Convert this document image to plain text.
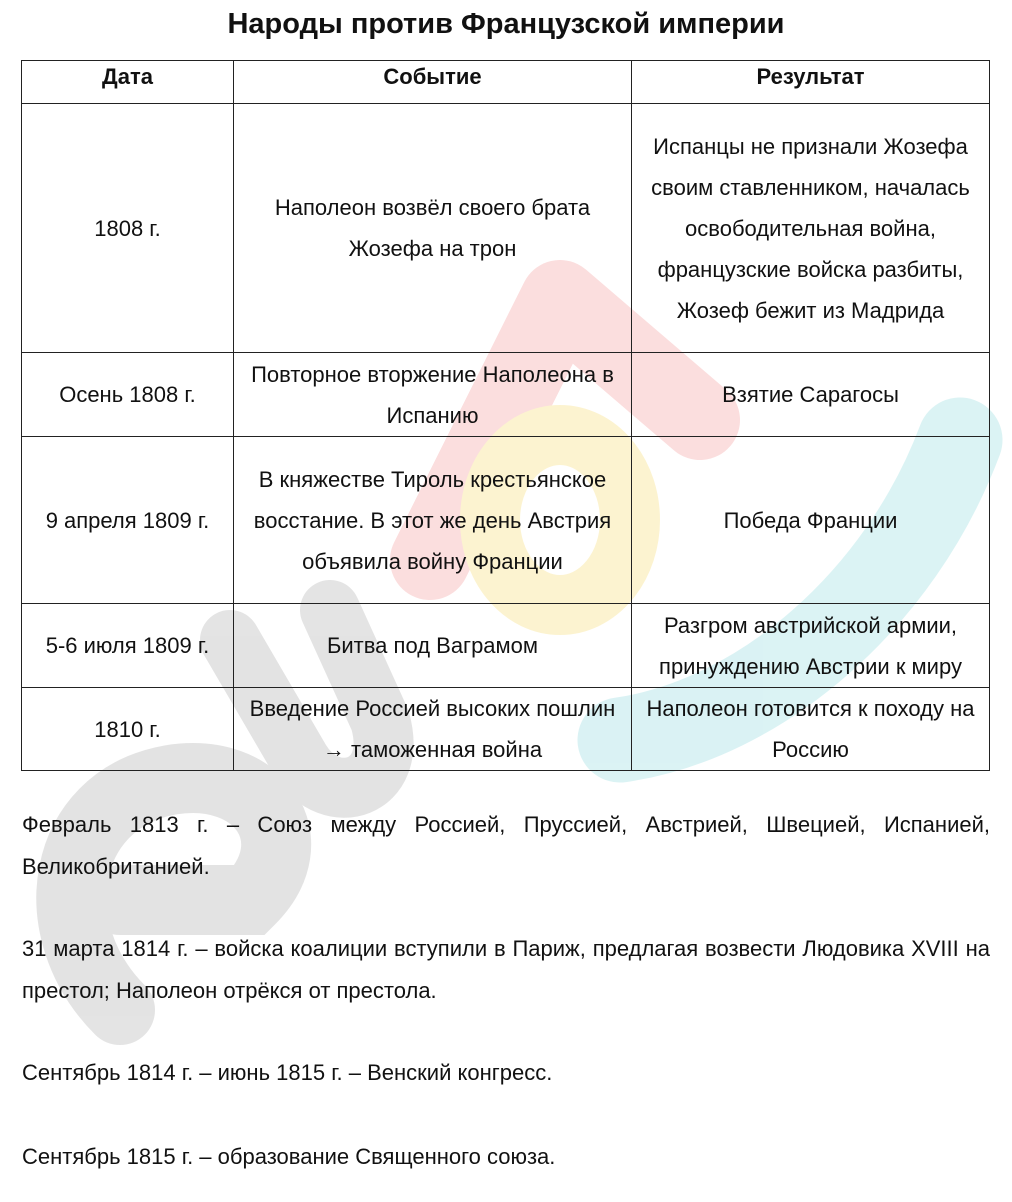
Народы против Французской империи
Дата	Событие	Результат
1808 г.	Наполеон возвёл своего брата Жозефа на трон	Испанцы не признали Жозефа своим ставленником, началась освободительная война, французские войска разбиты, Жозеф бежит из Мадрида
Осень 1808 г.	Повторное вторжение Наполеона в Испанию	Взятие Сарагосы
9 апреля 1809 г.	В княжестве Тироль крестьянское восстание. В этот же день Австрия объявила войну Франции	Победа Франции
5-6 июля 1809 г.	Битва под Ваграмом	Разгром австрийской армии, принуждению Австрии к миру
1810 г.	Введение Россией высоких пошлин → таможенная война	Наполеон готовится к походу на Россию

Февраль 1813 г. – Союз между Россией, Пруссией, Австрией, Швецией, Испанией, Великобританией.

31 марта 1814 г. – войска коалиции вступили в Париж, предлагая возвести Людовика XVIII на престол; Наполеон отрёкся от престола.

Сентябрь 1814 г. – июнь 1815 г. – Венский конгресс.

Сентябрь 1815 г. – образование Священного союза.
